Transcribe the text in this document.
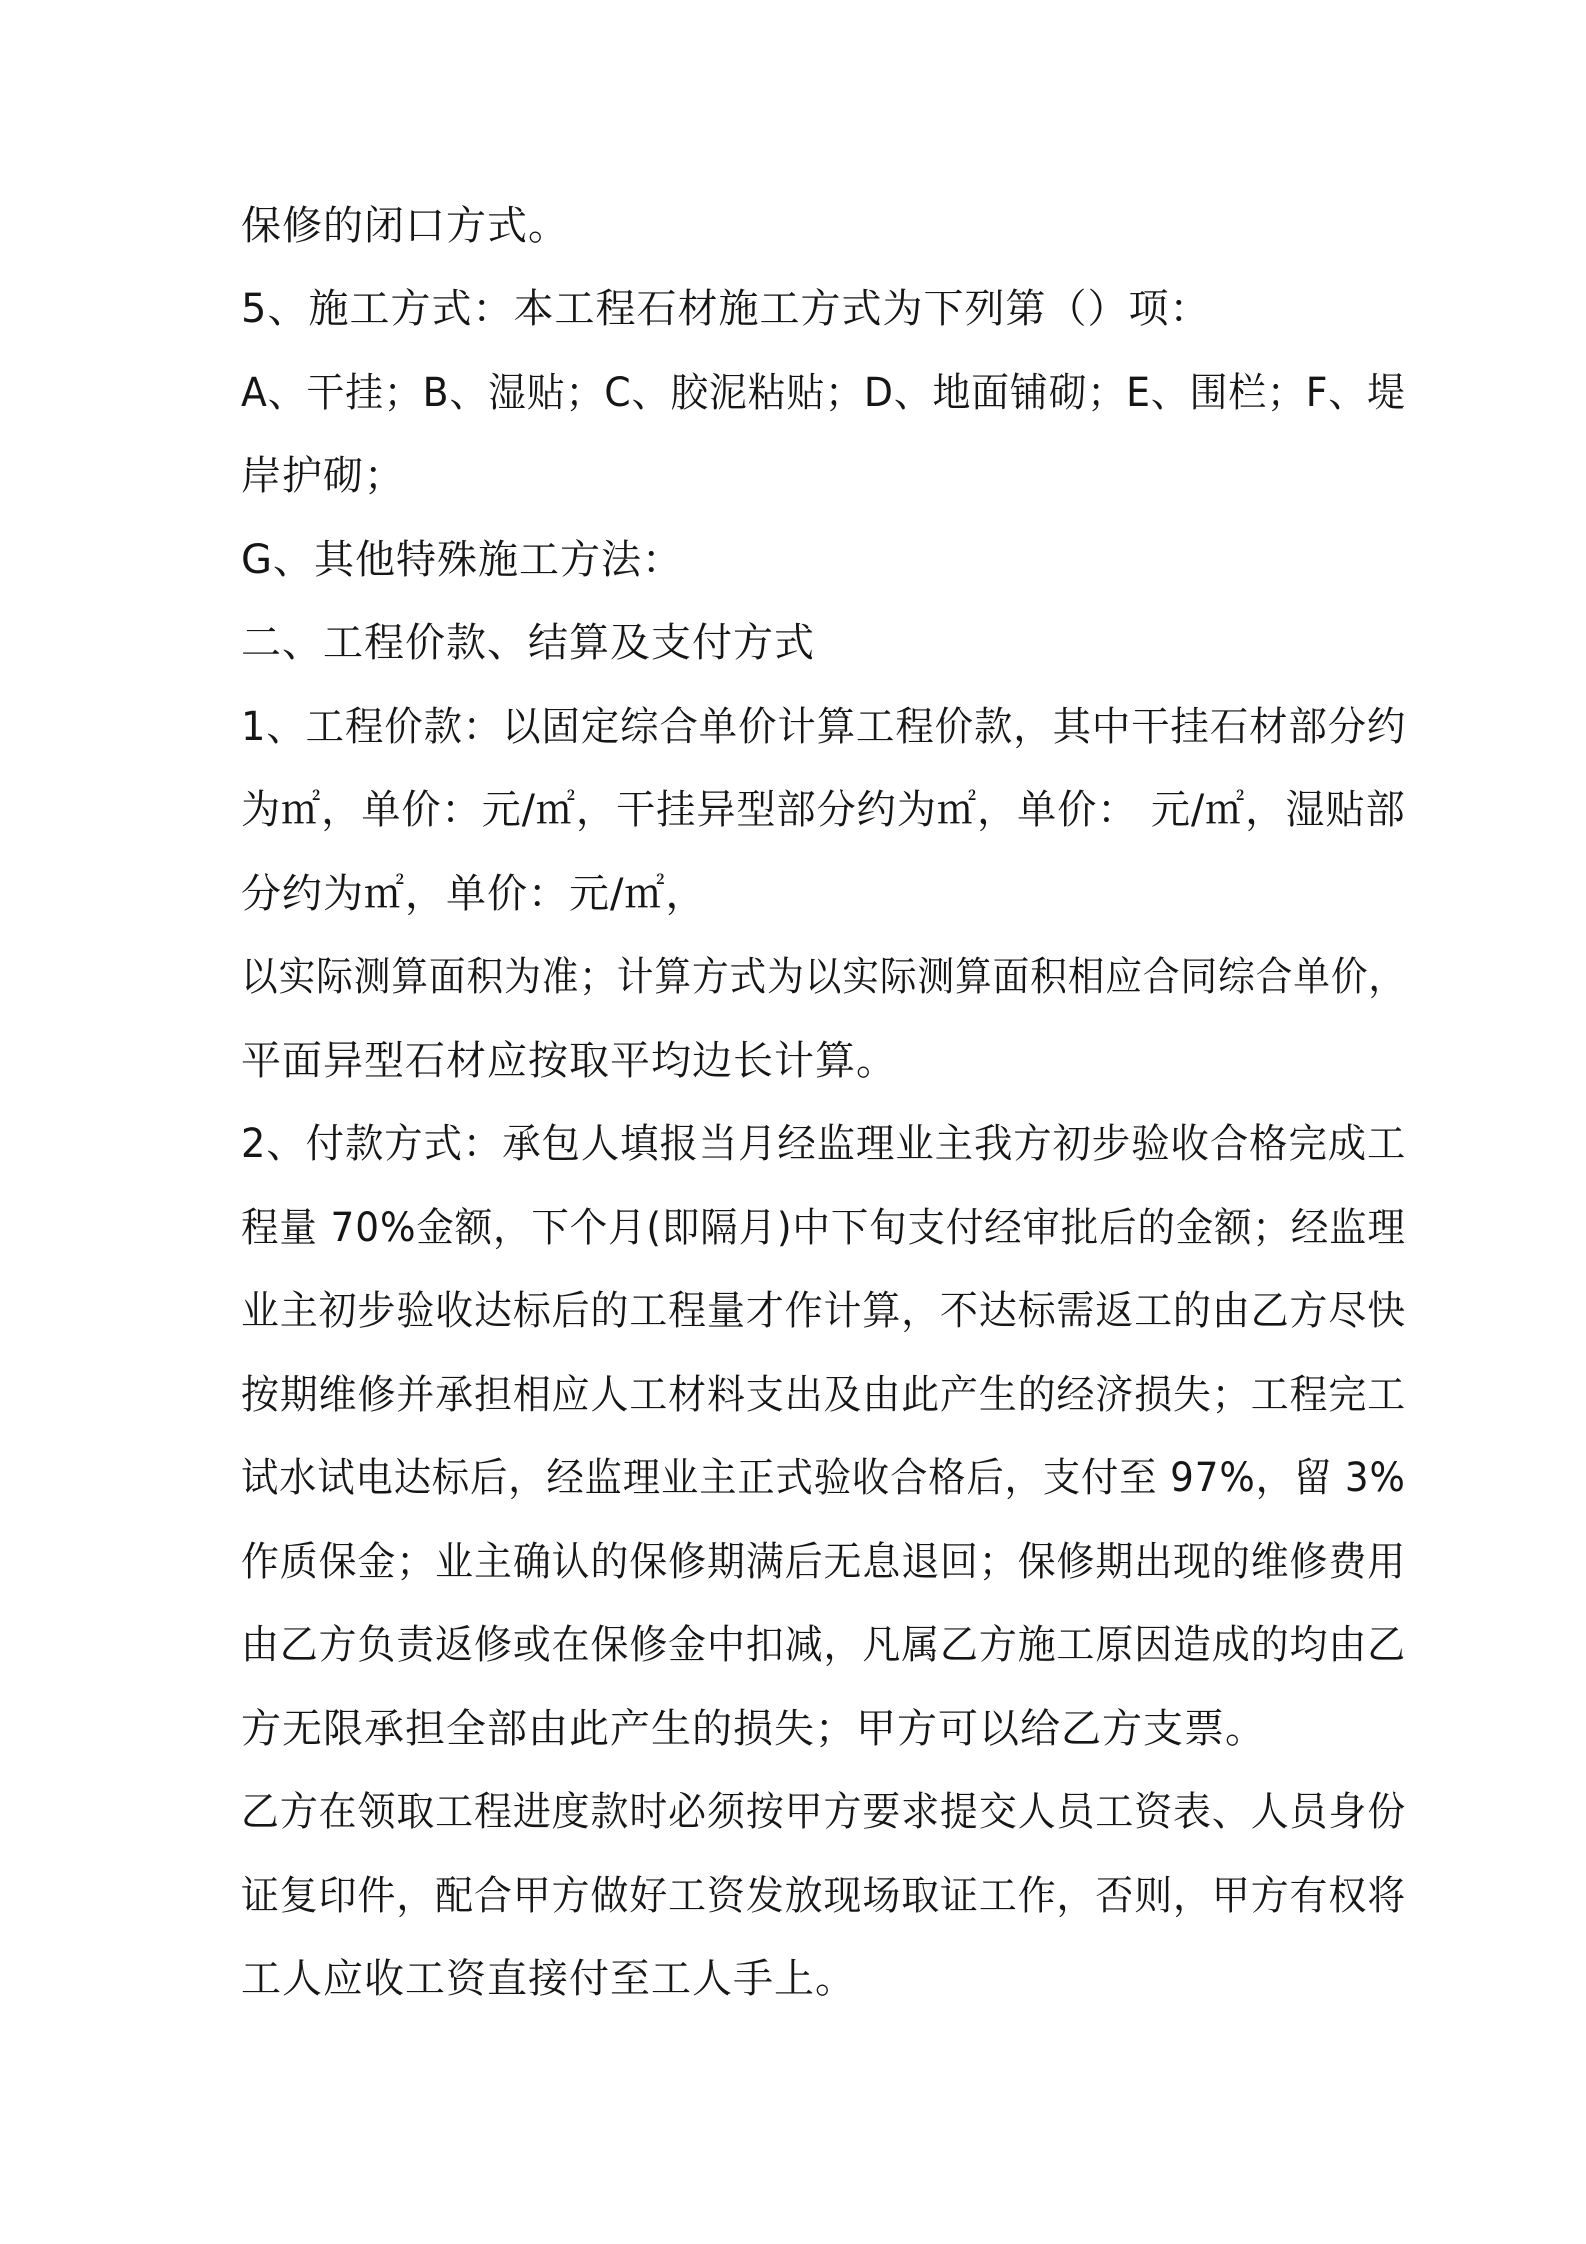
保修的闭口方式。

5、施工方式：本工程石材施工方式为下列第（）项：

A、干挂；B、湿贴；C、胶泥粘贴；D、地面铺砌；E、围栏；F、堤

岸护砌；

G、其他特殊施工方法：

二、工程价款、结算及支付方式

1、工程价款：以固定综合单价计算工程价款，其中干挂石材部分约

为㎡，单价：元/㎡，干挂异型部分约为㎡，单价： 元/㎡，湿贴部

分约为㎡，单价：元/㎡，

以实际测算面积为准；计算方式为以实际测算面积相应合同综合单价，

平面异型石材应按取平均边长计算。

2、付款方式：承包人填报当月经监理业主我方初步验收合格完成工

程量 70%金额，下个月(即隔月)中下旬支付经审批后的金额；经监理

业主初步验收达标后的工程量才作计算，不达标需返工的由乙方尽快

按期维修并承担相应人工材料支出及由此产生的经济损失；工程完工

试水试电达标后，经监理业主正式验收合格后，支付至 97%，留 3%

作质保金；业主确认的保修期满后无息退回；保修期出现的维修费用

由乙方负责返修或在保修金中扣减，凡属乙方施工原因造成的均由乙

方无限承担全部由此产生的损失；甲方可以给乙方支票。

乙方在领取工程进度款时必须按甲方要求提交人员工资表、人员身份

证复印件，配合甲方做好工资发放现场取证工作，否则，甲方有权将

工人应收工资直接付至工人手上。
